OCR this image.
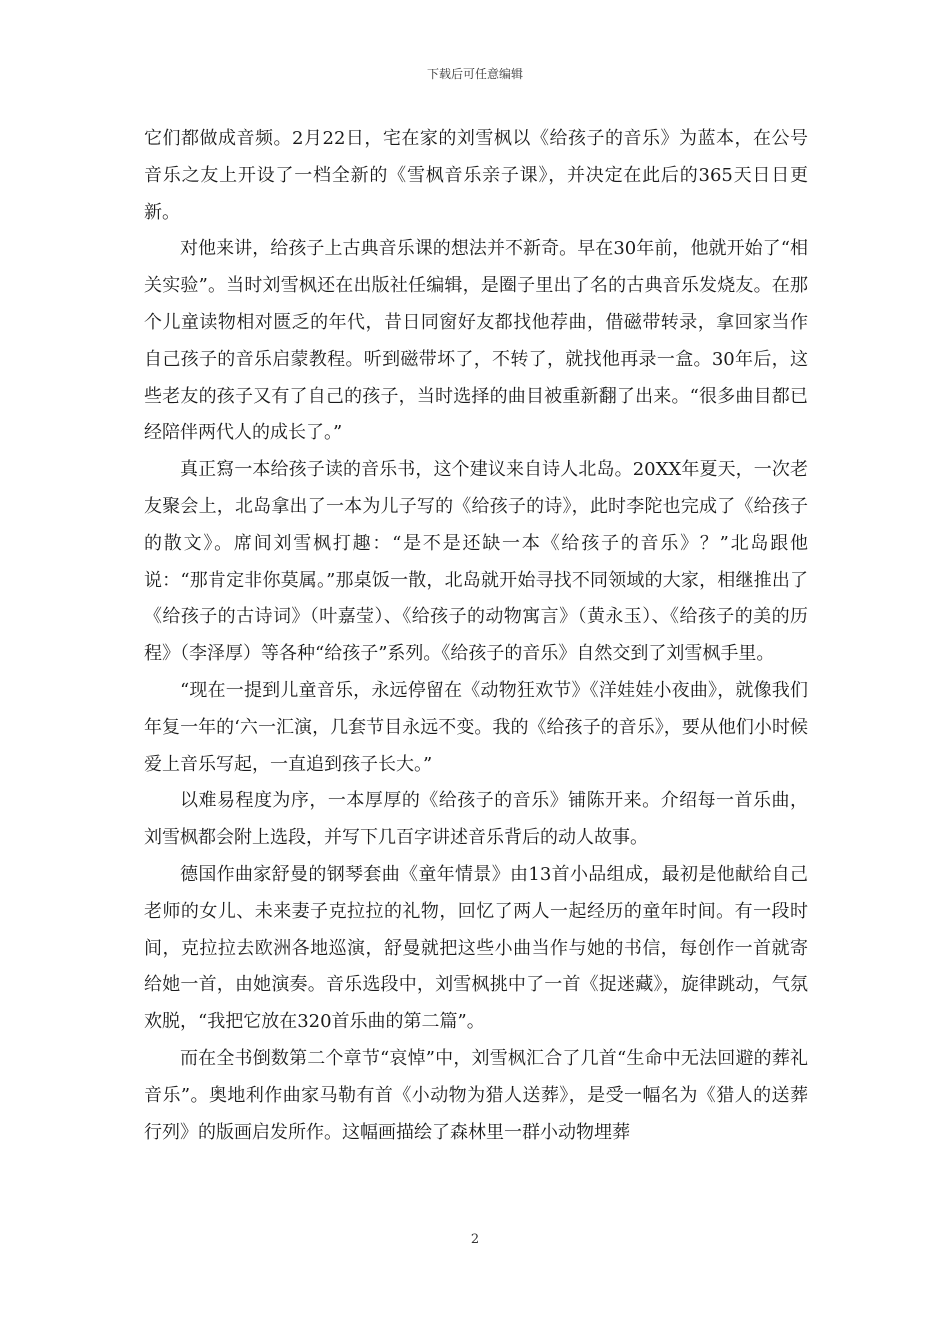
下载后可任意编辑

它们都做成音频。2月22日，宅在家的刘雪枫以《给孩子的音乐》为蓝本，在公号音乐之友上开设了一档全新的《雪枫音乐亲子课》，并决定在此后的365天日日更新。

对他来讲，给孩子上古典音乐课的想法并不新奇。早在30年前，他就开始了“相关实验”。当时刘雪枫还在出版社任编辑，是圈子里出了名的古典音乐发烧友。在那个儿童读物相对匮乏的年代，昔日同窗好友都找他荐曲，借磁带转录，拿回家当作自己孩子的音乐启蒙教程。听到磁带坏了，不转了，就找他再录一盒。30年后，这些老友的孩子又有了自己的孩子，当时选择的曲目被重新翻了出来。“很多曲目都已经陪伴两代人的成长了。”

真正寫一本给孩子读的音乐书，这个建议来自诗人北岛。20XX年夏天，一次老友聚会上，北岛拿出了一本为儿子写的《给孩子的诗》，此时李陀也完成了《给孩子的散文》。席间刘雪枫打趣：“是不是还缺一本《给孩子的音乐》？”北岛跟他说：“那肯定非你莫属。”那桌饭一散，北岛就开始寻找不同领域的大家，相继推出了《给孩子的古诗词》（叶嘉莹）、《给孩子的动物寓言》（黄永玉）、《给孩子的美的历程》（李泽厚）等各种“给孩子”系列。《给孩子的音乐》自然交到了刘雪枫手里。

“现在一提到儿童音乐，永远停留在《动物狂欢节》《洋娃娃小夜曲》，就像我们年复一年的‘六一汇演，几套节目永远不变。我的《给孩子的音乐》，要从他们小时候爱上音乐写起，一直追到孩子长大。”

以难易程度为序，一本厚厚的《给孩子的音乐》铺陈开来。介绍每一首乐曲，刘雪枫都会附上选段，并写下几百字讲述音乐背后的动人故事。

德国作曲家舒曼的钢琴套曲《童年情景》由13首小品组成，最初是他献给自己老师的女儿、未来妻子克拉拉的礼物，回忆了两人一起经历的童年时间。有一段时间，克拉拉去欧洲各地巡演，舒曼就把这些小曲当作与她的书信，每创作一首就寄给她一首，由她演奏。音乐选段中，刘雪枫挑中了一首《捉迷藏》，旋律跳动，气氛欢脱，“我把它放在320首乐曲的第二篇”。

而在全书倒数第二个章节“哀悼”中，刘雪枫汇合了几首“生命中无法回避的葬礼音乐”。奥地利作曲家马勒有首《小动物为猎人送葬》，是受一幅名为《猎人的送葬行列》的版画启发所作。这幅画描绘了森林里一群小动物埋葬

2
